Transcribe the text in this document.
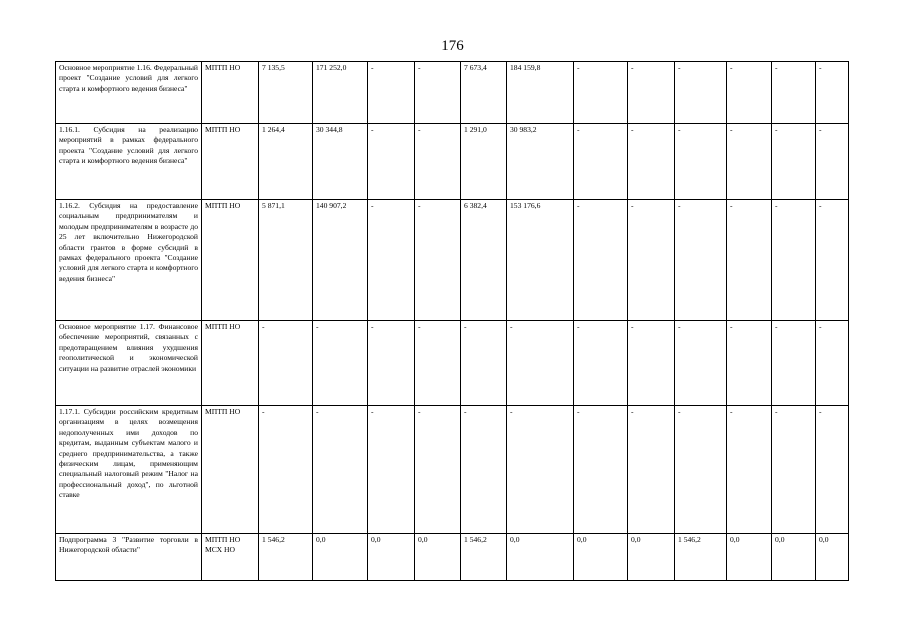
176
Основное мероприятие 1.16. Федеральный проект "Создание условий для легкого старта и комфортного ведения бизнеса"	МПТП НО	7 135,5	171 252,0	-	-	7 673,4	184 159,8	-	-	-	-	-	-
1.16.1. Субсидия на реализацию мероприятий в рамках федерального проекта "Создание условий для легкого старта и комфортного ведения бизнеса"	МПТП НО	1 264,4	30 344,8	-	-	1 291,0	30 983,2	-	-	-	-	-	-
1.16.2. Субсидия на предоставление социальным предпринимателям и молодым предпринимателям в возрасте до 25 лет включительно Нижегородской области грантов в форме субсидий в рамках федерального проекта "Создание условий для легкого старта и комфортного ведения бизнеса"	МПТП НО	5 871,1	140 907,2	-	-	6 382,4	153 176,6	-	-	-	-	-	-
Основное мероприятие 1.17. Финансовое обеспечение мероприятий, связанных с предотвращением влияния ухудшения геополитической и экономической ситуации на развитие отраслей экономики	МПТП НО	-	-	-	-	-	-	-	-	-	-	-	-
1.17.1. Субсидии российским кредитным организациям в целях возмещения недополученных ими доходов по кредитам, выданным субъектам малого и среднего предпринимательства, а также физическим лицам, применяющим специальный налоговый режим "Налог на профессиональный доход", по льготной ставке	МПТП НО	-	-	-	-	-	-	-	-	-	-	-	-
Подпрограмма 3 "Развитие торговли в Нижегородской области"	МПТП НО МСХ НО	1 546,2	0,0	0,0	0,0	1 546,2	0,0	0,0	0,0	1 546,2	0,0	0,0	0,0
